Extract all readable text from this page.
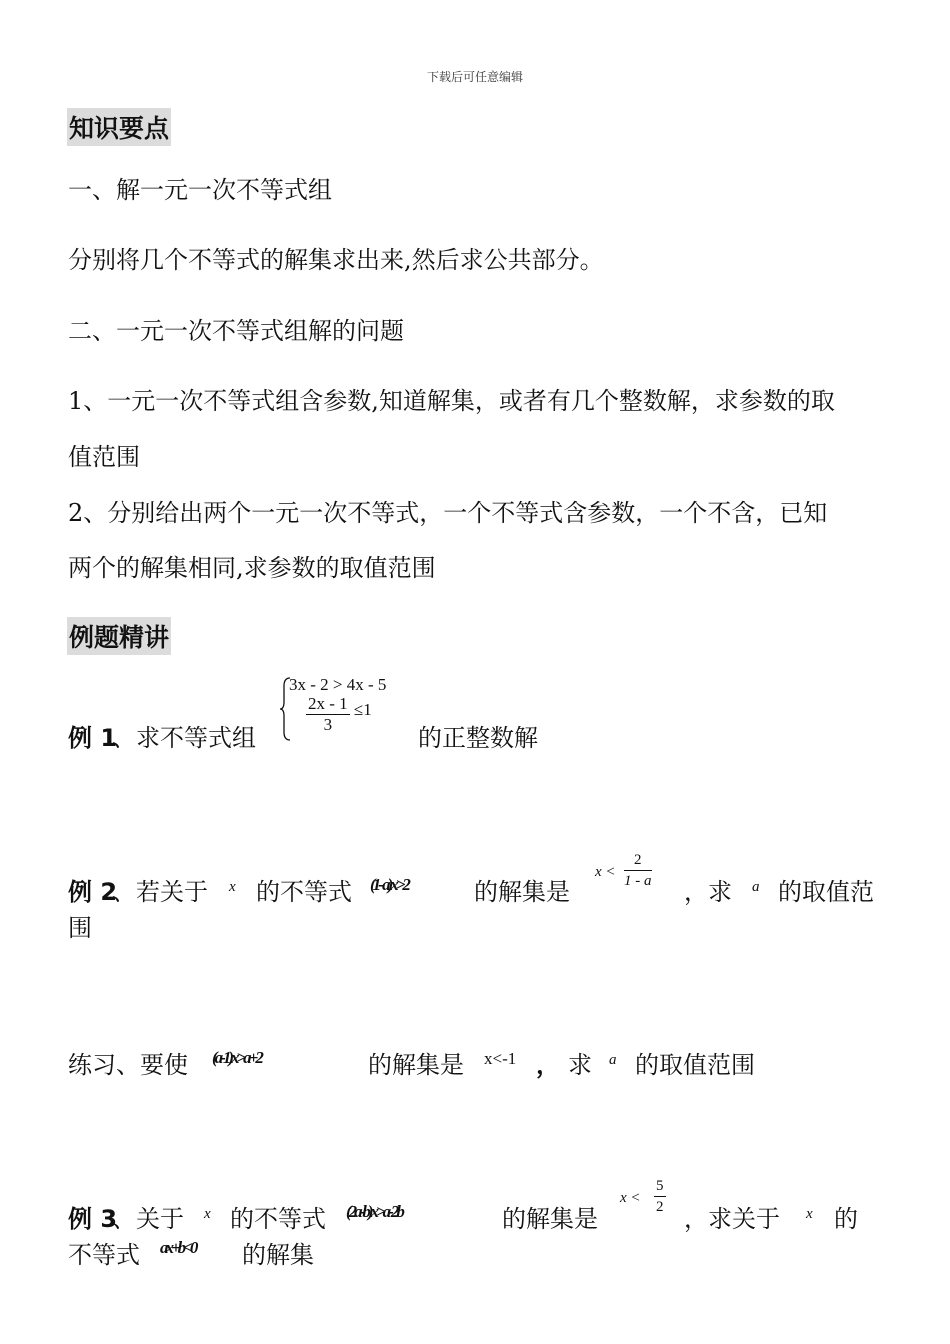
下载后可任意编辑
知识要点
一、解一元一次不等式组
分别将几个不等式的解集求出来,然后求公共部分。
二、一元一次不等式组解的问题
1、一元一次不等式组含参数,知道解集，或者有几个整数解，求参数的取
值范围
2、分别给出两个一元一次不等式，一个不等式含参数，一个不含，已知
两个的解集相同,求参数的取值范围
例题精讲
例 1
、求不等式组
3x - 2 > 4x - 5
$\frac{2x - 1}{3} \le 1$
的正整数解
例 2
、若关于 x 的不等式 (1- a)x>2	的解集是
$x < \frac{2}{1 - a}$
，求 a 的取值范
围
练习、要使 (a-1)x>a+2	的解集是 x<-1 ， 求 a 的取值范围
例 3
、关于 x 的不等式 (2a-b)x>a-2b	的解集是
$x < \frac{5}{2}$
，求关于 x 的
不等式 ax+b<0 的解集
